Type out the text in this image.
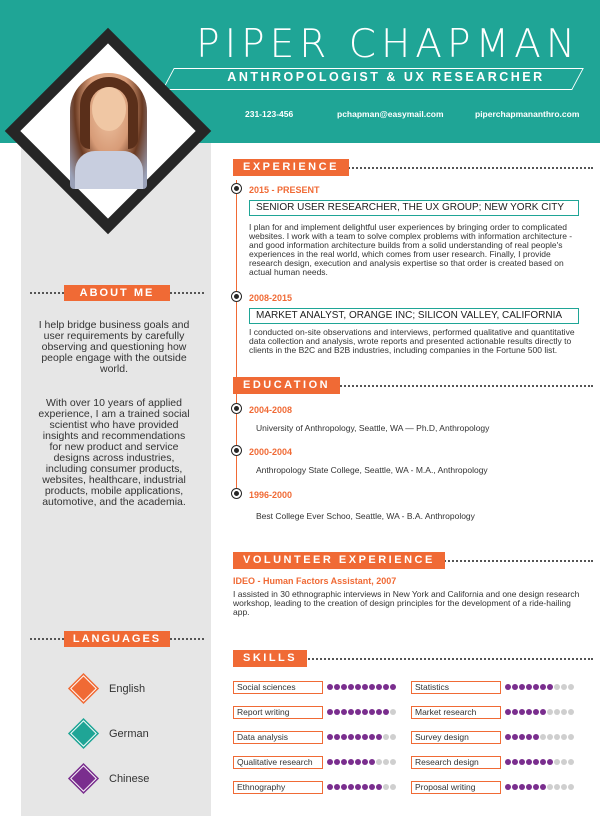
PIPER CHAPMAN
ANTHROPOLOGIST & UX RESEARCHER
231-123-456	pchapman@easymail.com	piperchapmananthro.com
ABOUT ME
I help bridge business goals and user requirements by carefully observing and questioning how people engage with the outside world.
With over 10 years of applied experience, I am a trained social scientist who have provided insights and recommendations for new product and service designs across industries, including consumer products, websites, healthcare, industrial products, mobile applications, automotive, and the academia.
LANGUAGES
English
German
Chinese
EXPERIENCE
2015 - PRESENT
SENIOR USER RESEARCHER, THE UX GROUP; NEW YORK CITY
I plan for and implement delightful user experiences by bringing order to complicated websites. I work with a team to solve complex problems with information architecture - and good information architecture builds from a solid understanding of real people's experiences in the real world, which comes from user research. Finally, I provide research design, execution and analysis expertise so that order is created based on actual human needs.
2008-2015
MARKET ANALYST, ORANGE INC; SILICON VALLEY, CALIFORNIA
I conducted on-site observations and interviews, performed qualitative and quantitative data collection and analysis, wrote reports and presented actionable results directly to clients in the B2C and B2B industries, including companies in the Fortune 500 list.
EDUCATION
2004-2008
University of Anthropology, Seattle, WA — Ph.D, Anthropology
2000-2004
Anthropology State College, Seattle, WA - M.A., Anthropology
1996-2000
Best College Ever Schoo, Seattle, WA - B.A. Anthropology
VOLUNTEER EXPERIENCE
IDEO - Human Factors Assistant, 2007
I assisted in 30 ethnographic interviews in New York and California and one design research workshop, leading to the creation of design principles for the development of a ride-hailing app.
SKILLS
Social sciences	Statistics
Report writing	Market research
Data analysis	Survey design
Qualitative research	Research design
Ethnography	Proposal writing
